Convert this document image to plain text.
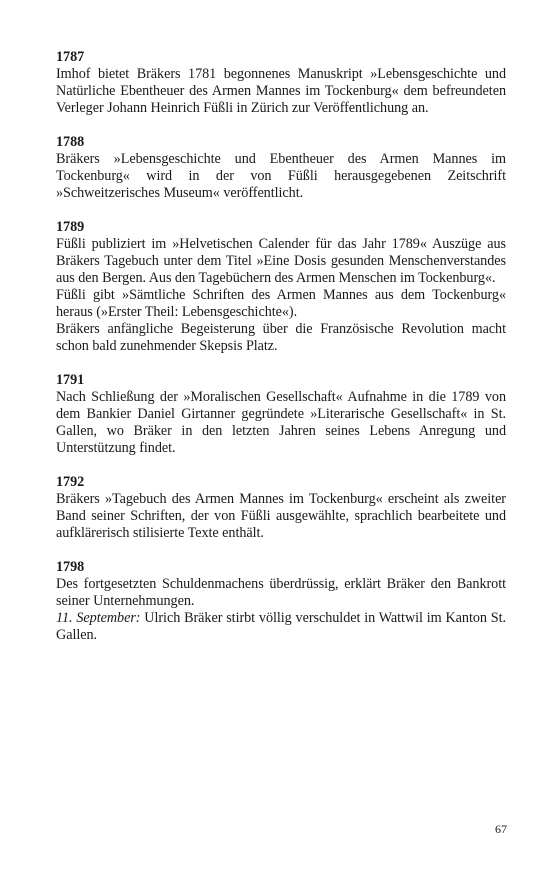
1787

Imhof bietet Bräkers 1781 begonnenes Manuskript »Lebensgeschichte und Natürliche Ebentheuer des Armen Mannes im Tockenburg« dem befreundeten Verleger Johann Heinrich Füßli in Zürich zur Veröffentlichung an.

1788

Bräkers »Lebensgeschichte und Ebentheuer des Armen Mannes im Tockenburg« wird in der von Füßli herausgegebenen Zeitschrift »Schweitzerisches Museum« veröffentlicht.

1789

Füßli publiziert im »Helvetischen Calender für das Jahr 1789« Auszüge aus Bräkers Tagebuch unter dem Titel »Eine Dosis gesunden Menschenverstandes aus den Bergen. Aus den Tagebüchern des Armen Menschen im Tockenburg«.

Füßli gibt »Sämtliche Schriften des Armen Mannes aus dem Tockenburg« heraus (»Erster Theil: Lebensgeschichte«).

Bräkers anfängliche Begeisterung über die Französische Revolution macht schon bald zunehmender Skepsis Platz.

1791

Nach Schließung der »Moralischen Gesellschaft« Aufnahme in die 1789 von dem Bankier Daniel Girtanner gegründete »Literarische Gesellschaft« in St. Gallen, wo Bräker in den letzten Jahren seines Lebens Anregung und Unterstützung findet.

1792

Bräkers »Tagebuch des Armen Mannes im Tockenburg« erscheint als zweiter Band seiner Schriften, der von Füßli ausgewählte, sprachlich bearbeitete und aufklärerisch stilisierte Texte enthält.

1798

Des fortgesetzten Schuldenmachens überdrüssig, erklärt Bräker den Bankrott seiner Unternehmungen.

11. September: Ulrich Bräker stirbt völlig verschuldet in Wattwil im Kanton St. Gallen.

67
